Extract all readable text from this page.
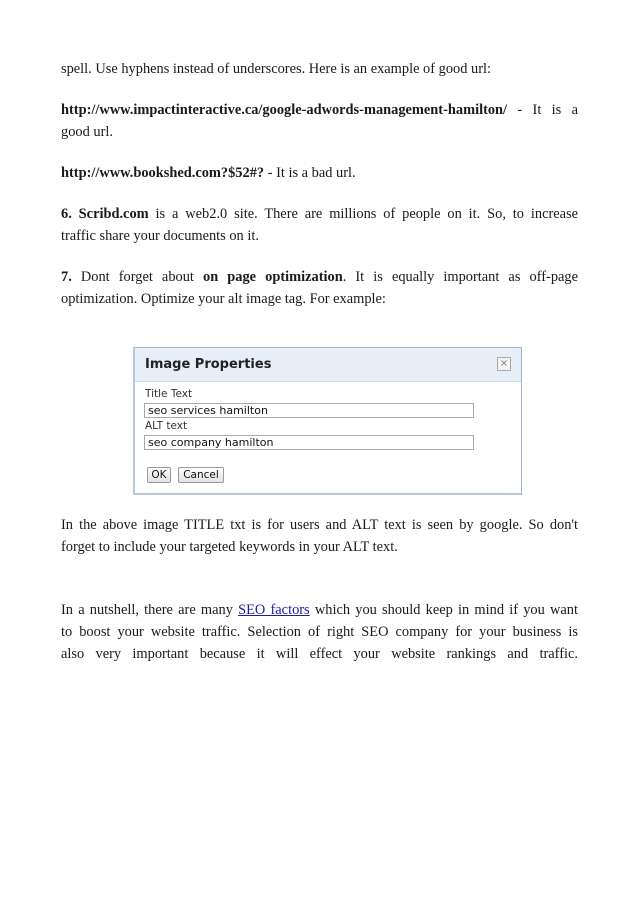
spell. Use hyphens instead of underscores. Here is an example of good url:

http://www.impactinteractive.ca/google-adwords-management-hamilton/ - It is a
good url.

http://www.bookshed.com?$52#? - It is a bad url.

6. Scribd.com is a web2.0 site. There are millions of people on it. So, to increase
traffic share your documents on it.

7. Dont forget about on page optimization. It is equally important as off-page
optimization. Optimize your alt image tag. For example:

Image Properties	×
Title Text
seo services hamilton
ALT text
seo company hamilton
OK	Cancel

In the above image TITLE txt is for users and ALT text is seen by google. So don't
forget to include your targeted keywords in your ALT text.

In a nutshell, there are many SEO factors which you should keep in mind if you want
to boost your website traffic. Selection of right SEO company for your business is
also very important because it will effect your website rankings and traffic.
